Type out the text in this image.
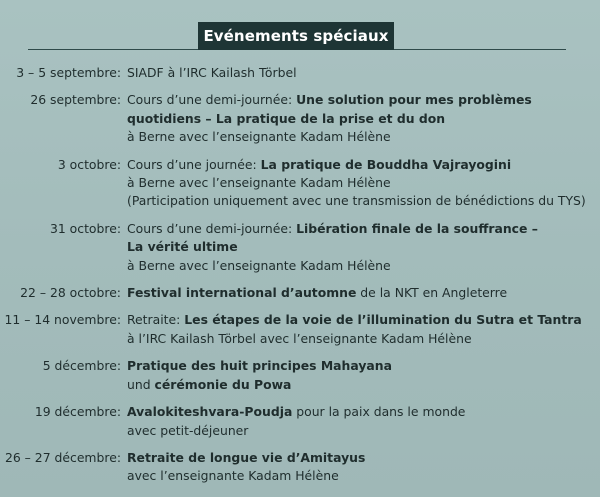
Evénements spéciaux
3 – 5 septembre: SIADF à l’IRC Kailash Törbel
26 septembre: Cours d’une demi-journée: Une solution pour mes problèmes
quotidiens – La pratique de la prise et du don
à Berne avec l’enseignante Kadam Hélène
3 octobre: Cours d’une journée: La pratique de Bouddha Vajrayogini
à Berne avec l’enseignante Kadam Hélène
(Participation uniquement avec une transmission de bénédictions du TYS)
31 octobre: Cours d’une demi-journée: Libération finale de la souffrance –
La vérité ultime
à Berne avec l’enseignante Kadam Hélène
22 – 28 octobre: Festival international d’automne de la NKT en Angleterre
11 – 14 novembre: Retraite: Les étapes de la voie de l’illumination du Sutra et Tantra
à l’IRC Kailash Törbel avec l’enseignante Kadam Hélène
5 décembre: Pratique des huit principes Mahayana
und cérémonie du Powa
19 décembre: Avalokiteshvara-Poudja pour la paix dans le monde
avec petit-déjeuner
26 – 27 décembre: Retraite de longue vie d’Amitayus
avec l’enseignante Kadam Hélène
